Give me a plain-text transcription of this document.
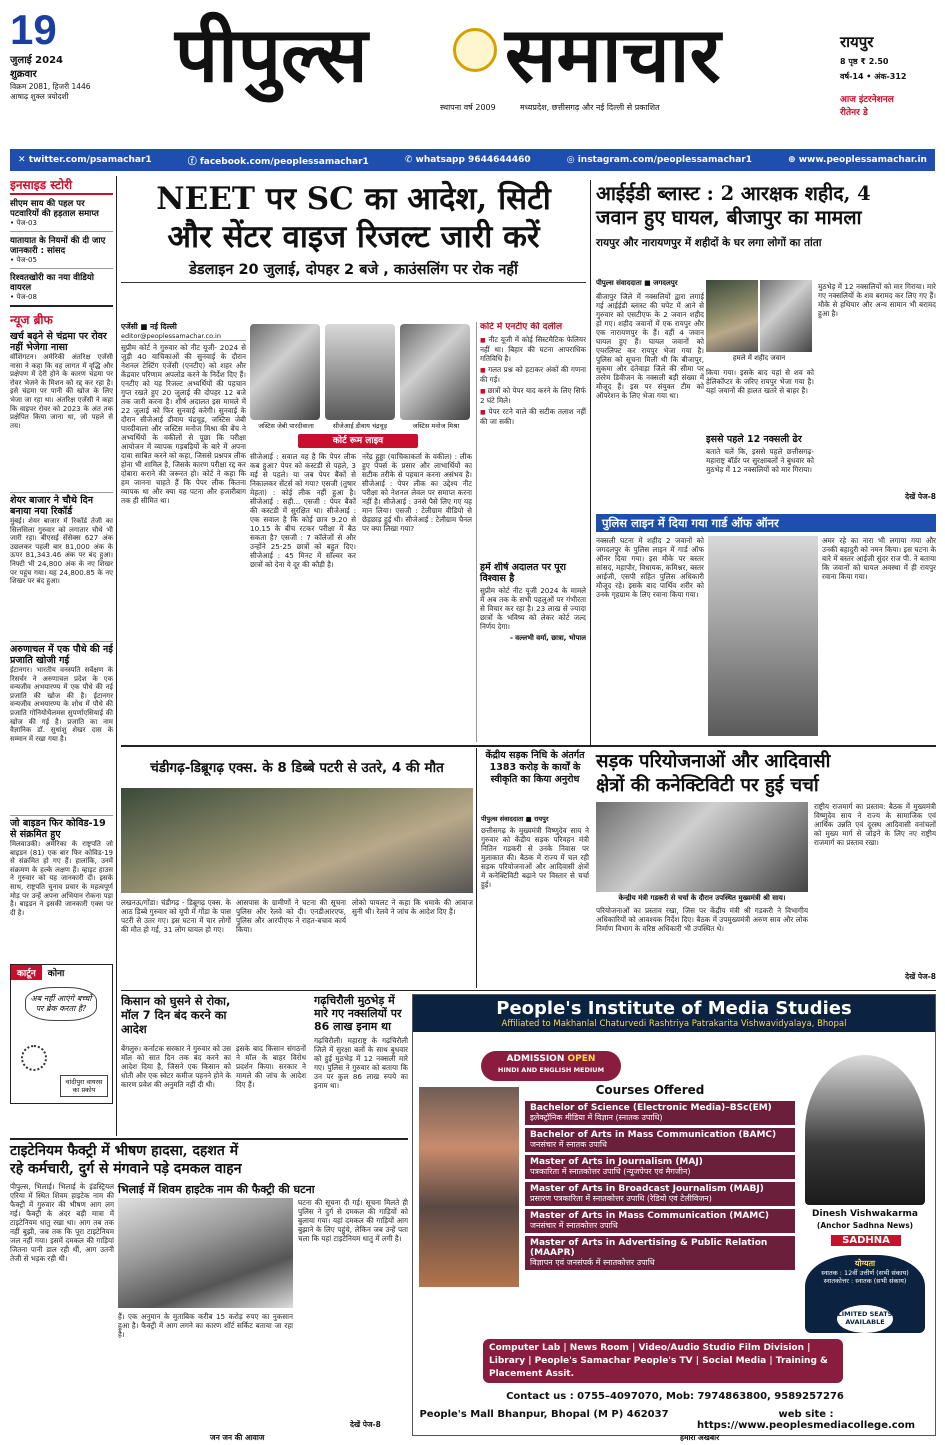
19
जुलाई 2024
शुक्रवार
विक्रम 2081, हिजरी 1446
आषाढ़ शुक्ल त्रयोदशी	पीपुल्स समाचार
स्थापना वर्ष 2009	मध्यप्रदेश, छत्तीसगढ़ और नई दिल्ली से प्रकाशित
रायपुर
8 पृष्ठ ₹ 2.50
वर्ष-14 • अंक-312
आज इंटरनेशनल
रीतेनर डे
✕ twitter.com/psamachar1	ⓕ facebook.com/peoplessamachar1	✆ whatsapp 9644644460	◎ instagram.com/peoplessamachar1	⊕ www.peoplessamachar.in
इनसाइड स्टोरी
सीएम साय की पहल पर पटवारियों की हड़ताल समाप्त
• पेज-03
यातायात के नियमों की दी जाए जानकारी : सांसद
• पेज-05
रिश्वतखोरी का नया वीडियो वायरल
• पेज-08
न्यूज ब्रीफ
खर्च बढ़ने से चंद्रमा पर रोवर नहीं भेजेगा नासा
वॉशिंगटन। अमेरिकी अंतरिक्ष एजेंसी नासा ने कहा कि वह लागत में वृद्धि और प्रक्षेपण में देरी होने के कारण चंद्रमा पर रोवर भेजने के मिशन को रद्द कर रहा है। इसे चंद्रमा पर पानी की खोज के लिए भेजा जा रहा था। अंतरिक्ष एजेंसी ने कहा कि वाइपर रोवर को 2023 के अंत तक प्रक्षेपित किया जाना था, जो पहले से तय।
शेयर बाजार ने चौथे दिन बनाया नया रिकॉर्ड
मुंबई। शेयर बाजार में रिकॉर्ड तेजी का सिलसिला गुरुवार को लगातार चौथे भी जारी रहा। बीएसई सेंसेक्स 627 अंक उछलकर पहली बार 81,000 अंक के ऊपर 81,343.46 अंक पर बंद हुआ। निफ्टी भी 24,800 अंक के नए शिखर पर पहुंच गया। यह 24,800.85 के नए शिखर पर बंद हुआ।
अरुणाचल में एक पौधे की नई प्रजाति खोजी गई
ईटानगर। भारतीय वनस्पति सर्वेक्षण के रिसर्चर ने अरुणाचल प्रदेश के एक वन्यजीव अभयारण्य में एक पौधे की नई प्रजाति की खोज की है। ईटानगर वन्यजीव अभयारण्य के शोध में पौधे की प्रजाति गोनियोथैलमस सुपर्णाएसियाई की खोज की गई है। प्रजाति का नाम वैज्ञानिक डॉ. सुधांशु शेखर दास के सम्मान में रखा गया है।
जो बाइडन फिर कोविड-19 से संक्रमित हुए
मिलवाउकी। अमेरिका के राष्ट्रपति जो बाइडन (81) एक बार फिर कोविड-19 से संक्रमित हो गए हैं। हालांकि, उनमें संक्रमण के हल्के लक्षण हैं। व्हाइट हाउस ने गुरुवार को यह जानकारी दी। इसके साथ, राष्ट्रपति चुनाव प्रचार के महत्वपूर्ण मोड़ पर उन्हें अपना अभियान रोकना पड़ा है। बाइडन ने इसकी जानकारी एक्स पर दी है।
कार्टून	कोना
अब नहीं आएंगे बच्चों पर ब्रेक करता है?
चांदीपुरा वायरस का प्रकोप
NEET पर SC का आदेश, सिटी
और सेंटर वाइज रिजल्ट जारी करें
डेडलाइन 20 जुलाई, दोपहर 2 बजे , काउंसलिंग पर रोक नहीं
एजेंसी ■ नई दिल्ली
editor@peoplessamachar.co.in
सुप्रीम कोर्ट ने गुरुवार को नीट यूजी- 2024 से जुड़ी 40 याचिकाओं की सुनवाई के दौरान नेशनल टेस्टिंग एजेंसी (एनटीए) को शहर और केंद्रवार परिणाम अपलोड करने के निर्देश दिए हैं। एनटीए को यह रिजल्ट अभ्यर्थियों की पहचान गुप्त रखते हुए 20 जुलाई की दोपहर 12 बजे तक जारी करना है। शीर्ष अदालत इस मामले में 22 जुलाई को फिर सुनवाई करेगी। सुनवाई के दौरान सीजेआई डीवाय चंद्रचूड़, जस्टिस जेबी पारदीवाला और जस्टिस मनोज मिश्रा की बेंच ने अभ्यर्थियों के वकीलों से पूछा कि परीक्षा आयोजन में व्यापक गड़बड़ियों के बारे में अपना दावा साबित करने को कहा, जिससे प्रश्नपत्र लीक होना भी शामिल है, जिसके कारण परीक्षा रद्द कर दोबारा कराने की जरूरत हो। कोर्ट ने कहा कि हम जानना चाहते हैं कि पेपर लीक कितना व्यापक था और क्या यह पटना और हजारीबाग तक ही सीमित था।
जस्टिस जेबी पारदीवाला	सीजेआई डीवाय चंद्रचूड़	जस्टिस मनोज मिश्रा
कोर्ट रूम लाइव
सीजेआई : सवाल यह है कि पेपर लीक कब हुआ? पेपर को कस्टडी से पहले, 3 मई से पहले। या जब पेपर बैंकों से निकालकर सेंटर्स को गया? एसजी (तुषार मेहता) : कोई लीक नहीं हुआ है। सीजेआई : सही... एसजी : पेपर बैंकों की कस्टडी में सुरक्षित था। सीजेआई : एक सवाल है कि कोई छात्र 9.20 से 10.15 के बीच रटकर परीक्षा में बैठ सकता है? एसजी : 7 कॉलेजों से और उन्होंने 25-25 छात्रों को बहुत दिए। सीजेआई : 45 मिनट में सॉल्वर कर छात्रों को देना ये दूर की कौड़ी है।
नरेंद्र हुड्डा (याचिकाकर्ता के वकील) : लीक हुए पेपर्स के प्रसार और लाभार्थियों का सटीक तरीके से पहचान करना असंभव है। सीजेआई : पेपर लीक का उद्देश्य नीट परीक्षा को नेशनल लेवल पर समाप्त करना नहीं है। सीजेआई : उनसे पैसे लिए गए यह मान लिया। एसजी : टेलीग्राम वीडियो से छेड़छाड़ हुई थी। सीजेआई : टेलीग्राम चैनल पर क्या लिखा गया?
कोर्ट में एनटीए की दलील
■ नीट यूजी में कोई सिस्टमैटिक फेलियर नहीं था। बिहार की घटना आपराधिक गतिविधि है।
■ गलत प्रश्न को हटाकर अंकों की गणना की गई।
■ छात्रों को पेपर याद करने के लिए सिर्फ 2 घंटे मिले।
■ पेपर रटने वाले की सटीक तलाश नहीं की जा सकी।
हमें शीर्ष अदालत पर पूरा विश्वास है
सुप्रीम कोर्ट नीट यूजी 2024 के मामले में अब तक के सभी पहलुओं पर गंभीरता से विचार कर रहा है। 23 लाख से ज्यादा छात्रों के भविष्य को लेकर कोर्ट जल्द निर्णय देगा।
- वल्लभी वर्मा, छात्रा, भोपाल
आईईडी ब्लास्ट : 2 आरक्षक शहीद, 4
जवान हुए घायल, बीजापुर का मामला
रायपुर और नारायणपुर में शहीदों के घर लगा लोगों का तांता
पीपुल्स संवाददाता ■ जगदलपुर
हमले में शहीद जवान
बीजापुर जिले में नक्सलियों द्वारा लगाई गई आईईडी ब्लास्ट की चपेट में आने से गुरुवार को एसटीएफ के 2 जवान शहीद हो गए। शहीद जवानों में एक रायपुर और एक नारायणपुर के हैं। वहीं 4 जवान घायल हुए हैं। घायल जवानों को एयरलिफ्ट कर रायपुर भेजा गया है। पुलिस को सूचना मिली थी कि बीजापुर, सुकमा और दंतेवाड़ा जिले की सीमा पर तररेम डिवीजन के नक्सली बड़ी संख्या में मौजूद हैं। इस पर संयुक्त टीम को ऑपरेशन के लिए भेजा गया था।
किया गया। इसके बाद यहां से शव को हेलिकॉप्टर के जरिए रायपुर भेजा गया है। यहां जवानों की हालत खतरे से बाहर है।
इससे पहले 12 नक्सली ढेर
बताते चलें कि, इससे पहले छत्तीसगढ़-महाराष्ट्र बॉर्डर पर सुरक्षाबलों ने बुधवार को मुठभेड़ में 12 नक्सलियों को मार गिराया।
मुठभेड़ में 12 नक्सलियों को मार गिराया। मारे गए नक्सलियों के शव बरामद कर लिए गए हैं। मौके से हथियार और अन्य सामान भी बरामद हुआ है।
देखें पेज-8
पुलिस लाइन में दिया गया गार्ड ऑफ ऑनर
नक्सली घटना में शहीद 2 जवानों को जगदलपुर के पुलिस लाइन में गार्ड ऑफ ऑनर दिया गया। इस मौके पर बस्तर सांसद, महापौर, विधायक, कमिश्नर, बस्तर आईजी, एसपी सहित पुलिस अधिकारी मौजूद रहे। इसके बाद पार्थिव शरीर को उनके गृहग्राम के लिए रवाना किया गया।
अमर रहे का नारा भी लगाया गया और उनकी बहादुरी को नमन किया। इस घटना के बारे में बस्तर आईजी सुंदर राज पी. ने बताया कि जवानों को घायल अवस्था में ही रायपुर रवाना किया गया।
चंडीगढ़-डिब्रूगढ़ एक्स. के 8 डिब्बे पटरी से उतरे, 4 की मौत
लखनऊ/गोंडा। चंडीगढ़ - डिब्रूगढ़ एक्स. के आठ डिब्बे गुरुवार को यूपी में गोंडा के पास पटरी से उतर गए। इस घटना में चार लोगों की मौत हो गई, 31 लोग घायल हो गए।
आसपास के ग्रामीणों ने घटना की सूचना पुलिस और रेलवे को दी। एनडीआरएफ, पुलिस और आरपीएफ ने राहत-बचाव कार्य किया।
लोको पायलट ने कहा कि धमाके की आवाज सुनी थी। रेलवे ने जांच के आदेश दिए हैं।
केंद्रीय सड़क निधि के अंतर्गत 1383 करोड़ के कार्यों के स्वीकृति का किया अनुरोध
पीपुल्स संवाददाता ■ रायपुर
सड़क परियोजनाओं और आदिवासी
क्षेत्रों की कनेक्टिविटी पर हुई चर्चा
केन्द्रीय मंत्री गडकरी से चर्चा के दौरान उपस्थित मुख्यमंत्री श्री साय।
छत्तीसगढ़ के मुख्यमंत्री विष्णुदेव साय ने गुरुवार को केंद्रीय सड़क परिवहन मंत्री नितिन गडकरी से उनके निवास पर मुलाकात की। बैठक में राज्य में चल रही सड़क परियोजनाओं और आदिवासी क्षेत्रों में कनेक्टिविटी बढ़ाने पर विस्तार से चर्चा हुई।
परियोजनाओं का प्रस्ताव रखा, जिस पर केंद्रीय मंत्री श्री गडकरी ने विभागीय अधिकारियों को आवश्यक निर्देश दिए। बैठक में उपमुख्यमंत्री अरुण साव और लोक निर्माण विभाग के वरिष्ठ अधिकारी भी उपस्थित थे।
राष्ट्रीय राजमार्ग का प्रस्ताव: बैठक में मुख्यमंत्री विष्णुदेव साय ने राज्य के सामाजिक एवं आर्थिक उन्नति एवं दूरस्थ आदिवासी वनांचलों को मुख्य मार्ग से जोड़ने के लिए नए राष्ट्रीय राजमार्ग का प्रस्ताव रखा।
देखें पेज-8
किसान को घुसने से रोका, मॉल 7 दिन बंद करने का आदेश
बेंगलुरु। कर्नाटक सरकार ने गुरुवार को उस मॉल को सात दिन तक बंद करने का आदेश दिया है, जिसने एक किसान को धोती और एक स्वेटर कमीज पहनने होने के कारण प्रवेश की अनुमति नहीं दी थी।
इसके बाद किसान संगठनों ने मॉल के बाहर विरोध प्रदर्शन किया। सरकार ने मामले की जांच के आदेश दिए हैं।
गढ़चिरौली मुठभेड़ में मारे गए नक्सलियों पर 86 लाख इनाम था
गढ़चिरौली। महाराष्ट्र के गढ़चिरौली जिले में सुरक्षा बलों के साथ बुधवार को हुई मुठभेड़ में 12 नक्सली मारे गए। पुलिस ने गुरुवार को बताया कि उन पर कुल 86 लाख रुपये का इनाम था।
People's Institute of Media Studies
Affiliated to Makhanlal Chaturvedi Rashtriya Patrakarita Vishwavidyalaya, Bhopal
ADMISSION OPEN
HINDI AND ENGLISH MEDIUM
Courses Offered
Bachelor of Science (Electronic Media)–BSc(EM)
इलेक्ट्रॉनिक मीडिया में विज्ञान (स्नातक उपाधि)
Bachelor of Arts in Mass Communication (BAMC)
जनसंचार में स्नातक उपाधि
Master of Arts in Journalism (MAJ)
पत्रकारिता में स्नातकोत्तर उपाधि (न्यूजपेपर एवं मैगजीन)
Master of Arts in Broadcast Journalism (MABJ)
प्रसारण पत्रकारिता में स्नातकोत्तर उपाधि (रेडियो एवं टेलीविजन)
Master of Arts in Mass Communication (MAMC)
जनसंचार में स्नातकोत्तर उपाधि
Master of Arts in Advertising & Public Relation (MAAPR)
विज्ञापन एवं जनसंपर्क में स्नातकोत्तर उपाधि
Dinesh Vishwakarma
(Anchor Sadhna News)
SADHNA
योग्यता
स्नातक : 12वीं उत्तीर्ण (सभी संकाय) स्नातकोत्तर : स्नातक (सभी संकाय)
LIMITED SEATS AVAILABLE
Computer Lab | News Room | Video/Audio Studio Film Division | Library | People's Samachar People's TV | Social Media | Training & Placement Assit.
Contact us : 0755–4097070, Mob: 7974863800, 9589257276
People's Mall Bhanpur, Bhopal (M P) 462037	web site : https://www.peoplesmediacollege.com
टाइटेनियम फैक्ट्री में भीषण हादसा, दहशत में
रहे कर्मचारी, दुर्ग से मंगवाने पड़े दमकल वाहन
भिलाई में शिवम हाइटेक नाम की फैक्ट्री की घटना
पीपुल्स, भिलाई। भिलाई के इंडस्ट्रियल एरिया में स्थित शिवम हाइटेक नाम की फैक्ट्री में गुरुवार की भीषण आग लग गई। फैक्ट्री के अंदर बड़ी मात्रा में टाइटेनियम धातु रखा था। आग तब तक नहीं बुझी, जब तक कि पूरा टाइटेनियम जल नहीं गया। इसमें दमकल की गाड़ियां जितना पानी डाल रही थीं, आग उतनी तेजी से भड़क रही थी।
घटना की सूचना दी गई। सूचना मिलते ही पुलिस ने दुर्ग से दमकल की गाड़ियों को बुलाया गया। यहां दमकल की गाड़ियों आग बुझाने के लिए पहुंचे, लेकिन जब उन्हें पता चला कि यहां टाइटेनियम धातु में लगी है।
हैं। एक अनुमान के मुताबिक करीब 15 करोड़ रुपए का नुकसान हुआ है। फैक्ट्री में आग लगने का कारण शॉर्ट सर्किट बताया जा रहा है।
देखें पेज-8
जन जन की आवाज	हमारा अखबार
